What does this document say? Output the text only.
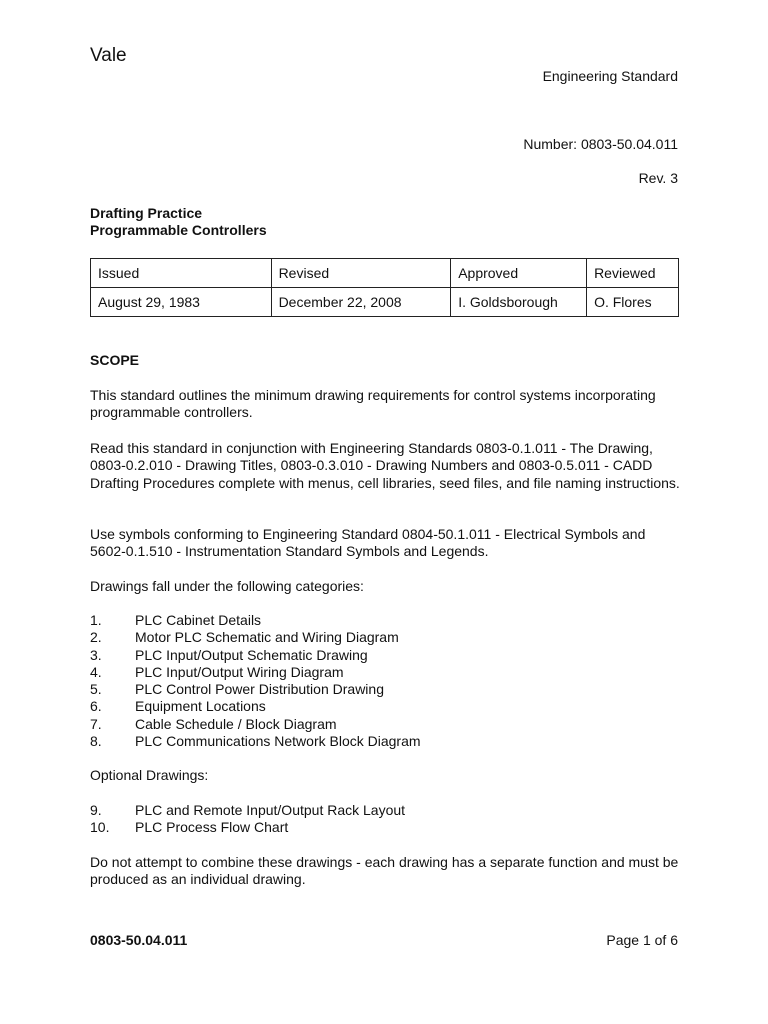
Vale
Engineering Standard
Number: 0803-50.04.011
Rev. 3
Drafting Practice
Programmable Controllers
Issued	Revised	Approved	Reviewed
August 29, 1983	December 22, 2008	I. Goldsborough	O. Flores
SCOPE
This standard outlines the minimum drawing requirements for control systems incorporating programmable controllers.
Read this standard in conjunction with Engineering Standards 0803-0.1.011 - The Drawing, 0803-0.2.010 - Drawing Titles, 0803-0.3.010 - Drawing Numbers and 0803-0.5.011 - CADD Drafting Procedures complete with menus, cell libraries, seed files, and file naming instructions.
Use symbols conforming to Engineering Standard 0804-50.1.011 - Electrical Symbols and 5602-0.1.510 - Instrumentation Standard Symbols and Legends.
Drawings fall under the following categories:
1.	PLC Cabinet Details
2.	Motor PLC Schematic and Wiring Diagram
3.	PLC Input/Output Schematic Drawing
4.	PLC Input/Output Wiring Diagram
5.	PLC Control Power Distribution Drawing
6.	Equipment Locations
7.	Cable Schedule / Block Diagram
8.	PLC Communications Network Block Diagram
Optional Drawings:
9.	PLC and Remote Input/Output Rack Layout
10.	PLC Process Flow Chart
Do not attempt to combine these drawings - each drawing has a separate function and must be produced as an individual drawing.
0803-50.04.011	Page 1 of 6
